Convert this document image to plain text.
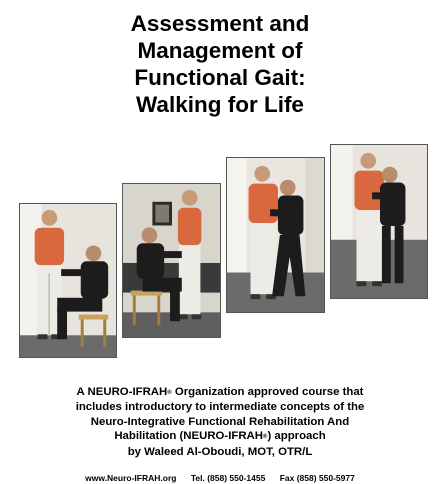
Assessment and
Management of
Functional Gait:
Walking for Life
A NEURO-IFRAH® Organization approved course that
includes introductory to intermediate concepts of the
Neuro-Integrative Functional Rehabilitation And
Habilitation (NEURO-IFRAH®) approach
by Waleed Al-Oboudi, MOT, OTR/L
www.Neuro-IFRAH.org Tel. (858) 550-1455 Fax (858) 550-5977
